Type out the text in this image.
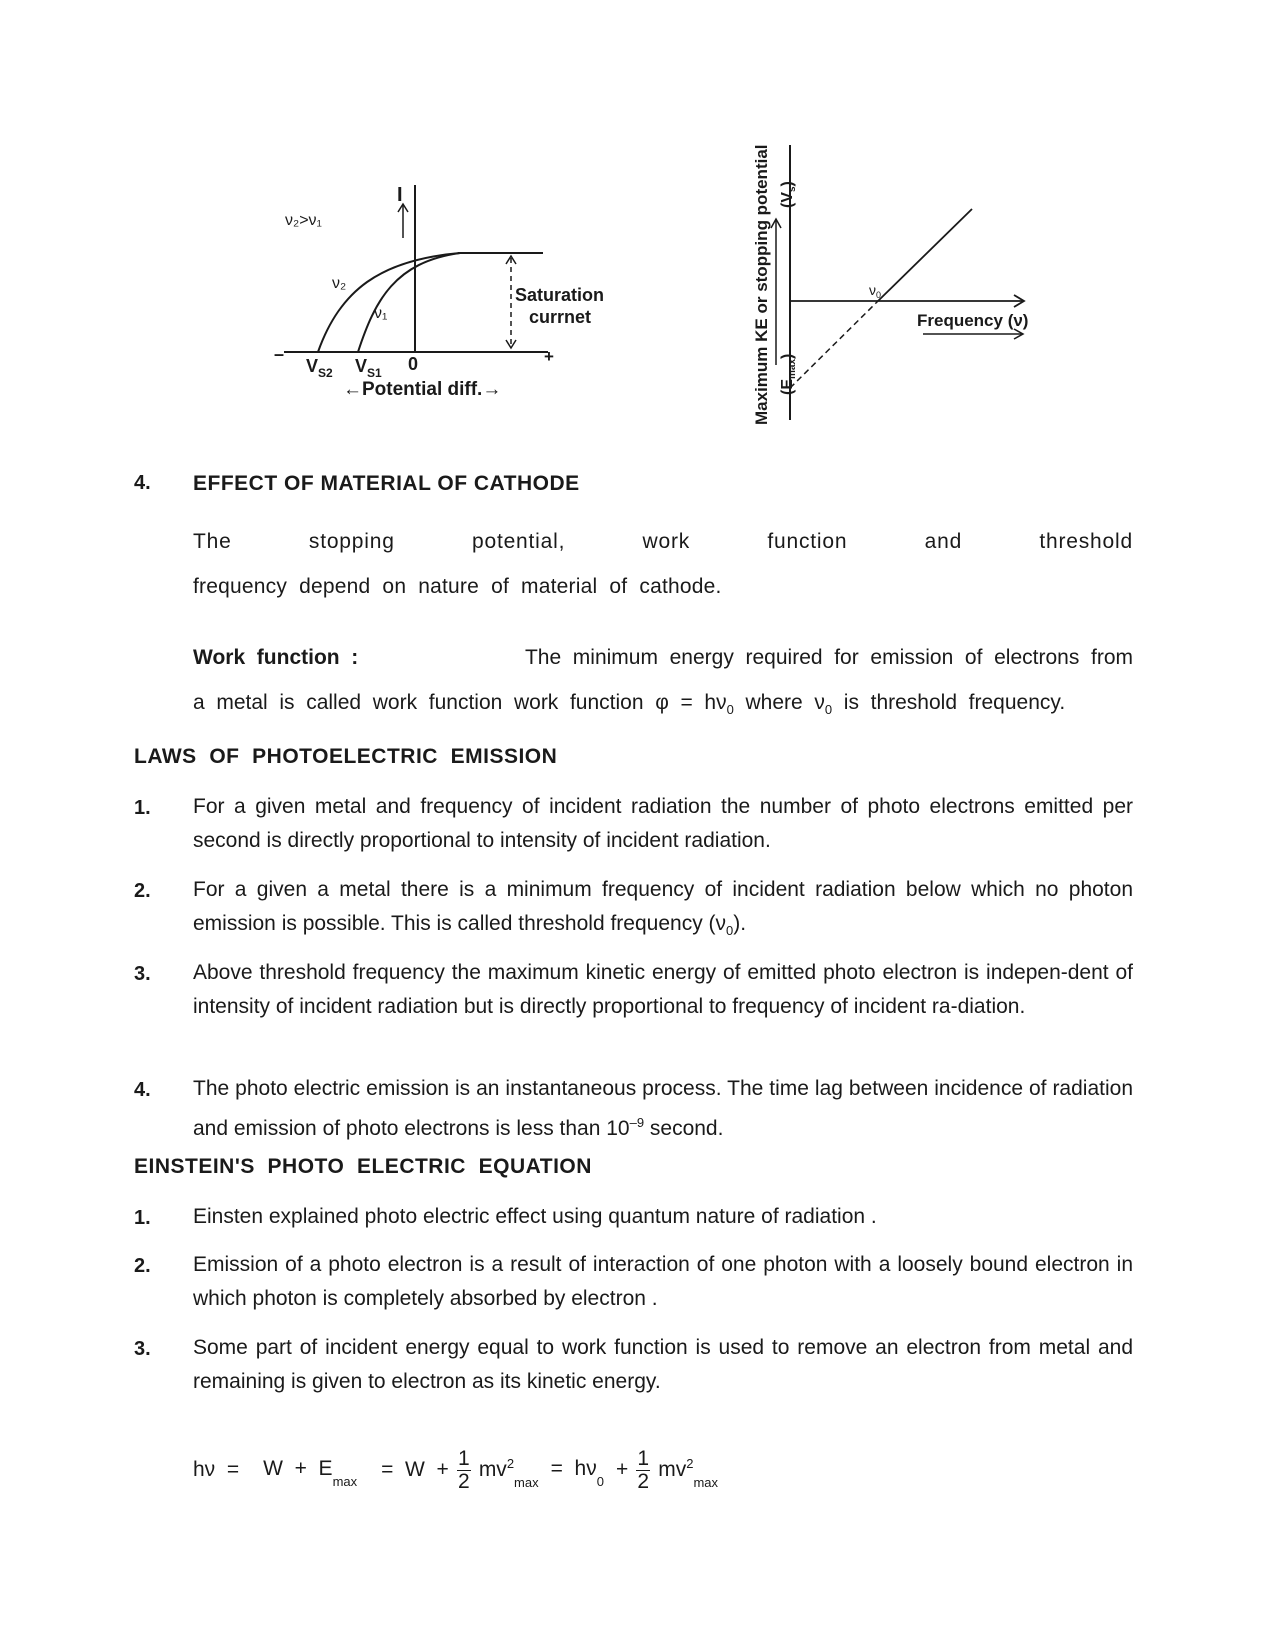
I
ν₂>ν₁
ν₂
ν₁
Saturation
currnet
–	+
$V_{S2}$ $V_{S1}$ 0
←Potential diff.→	Maximum KE or stopping potential (Emax)
(Vs)
Frequency (ν)
$\nu_0$
4. EFFECT OF MATERIAL OF CATHODE
The	stopping	potential,	work	function	and	threshold
frequency  depend  on  nature  of  material  of  cathode.
Work  function  :	The  minimum  energy  required  for  emission  of  electrons  from
a  metal  is  called  work  function  work  function  $\varphi = h\nu_0$  where  $\nu_0$  is  threshold  frequency.
LAWS  OF  PHOTOELECTRIC  EMISSION
1. For a given metal and frequency of incident radiation the number of photo electrons emitted per second is directly proportional to intensity of incident radiation.
2. For a given a metal there is a minimum frequency of incident radiation below which no photon emission is possible. This is called threshold frequency $(\nu_0)$.
3. Above threshold frequency the maximum kinetic energy of emitted photo electron is indepen-dent of intensity of incident radiation but is directly proportional to frequency of incident ra-diation.
4. The photo electric emission is an instantaneous process. The time lag between incidence of radiation and emission of photo electrons is less than $10^{-9}$ second.
EINSTEIN'S  PHOTO  ELECTRIC  EQUATION
1. Einsten explained photo electric effect using quantum nature of radiation .
2. Emission of a photo electron is a result of interaction of one photon with a loosely bound electron in which photon is completely absorbed by electron .
3. Some part of incident energy equal to work function is used to remove an electron from metal and remaining is given to electron as its kinetic energy.
$h\nu = W + E_{max}$
=  $W + \frac{1}{2} mv^2_{max}$
=  $h\nu_0$
+ $\frac{1}{2} mv^2_{max}$
